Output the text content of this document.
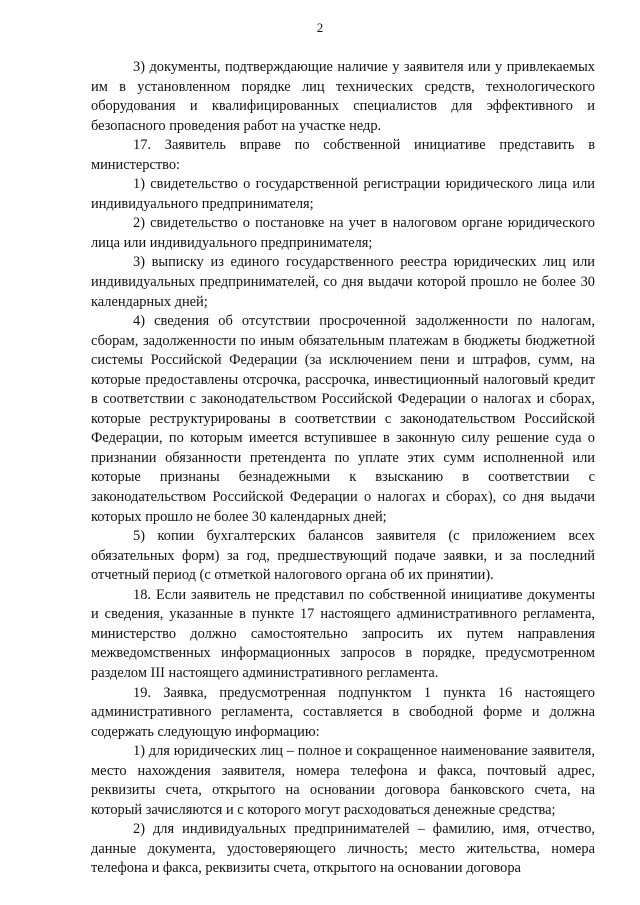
2

3) документы, подтверждающие наличие у заявителя или у привлекаемых им в установленном порядке лиц технических средств, технологического оборудования и квалифицированных специалистов для эффективного и безопасного проведения работ на участке недр.

17. Заявитель вправе по собственной инициативе представить в министерство:

1) свидетельство о государственной регистрации юридического лица или индивидуального предпринимателя;

2) свидетельство о постановке на учет в налоговом органе юридического лица или индивидуального предпринимателя;

3) выписку из единого государственного реестра юридических лиц или индивидуальных предпринимателей, со дня выдачи которой прошло не более 30 календарных дней;

4) сведения об отсутствии просроченной задолженности по налогам, сборам, задолженности по иным обязательным платежам в бюджеты бюджетной системы Российской Федерации (за исключением пени и штрафов, сумм, на которые предоставлены отсрочка, рассрочка, инвестиционный налоговый кредит в соответствии с законодательством Российской Федерации о налогах и сборах, которые реструктурированы в соответствии с законодательством Российской Федерации, по которым имеется вступившее в законную силу решение суда о признании обязанности претендента по уплате этих сумм исполненной или которые признаны безнадежными к взысканию в соответствии с законодательством Российской Федерации о налогах и сборах), со дня выдачи которых прошло не более 30 календарных дней;

5) копии бухгалтерских балансов заявителя (с приложением всех обязательных форм) за год, предшествующий подаче заявки, и за последний отчетный период (с отметкой налогового органа об их принятии).

18. Если заявитель не представил по собственной инициативе документы и сведения, указанные в пункте 17 настоящего административного регламента, министерство должно самостоятельно запросить их путем направления межведомственных информационных запросов в порядке, предусмотренном разделом III настоящего административного регламента.

19. Заявка, предусмотренная подпунктом 1 пункта 16 настоящего административного регламента, составляется в свободной форме и должна содержать следующую информацию:

1) для юридических лиц – полное и сокращенное наименование заявителя, место нахождения заявителя, номера телефона и факса, почтовый адрес, реквизиты счета, открытого на основании договора банковского счета, на который зачисляются и с которого могут расходоваться денежные средства;

2) для индивидуальных предпринимателей – фамилию, имя, отчество, данные документа, удостоверяющего личность; место жительства, номера телефона и факса, реквизиты счета, открытого на основании договора
